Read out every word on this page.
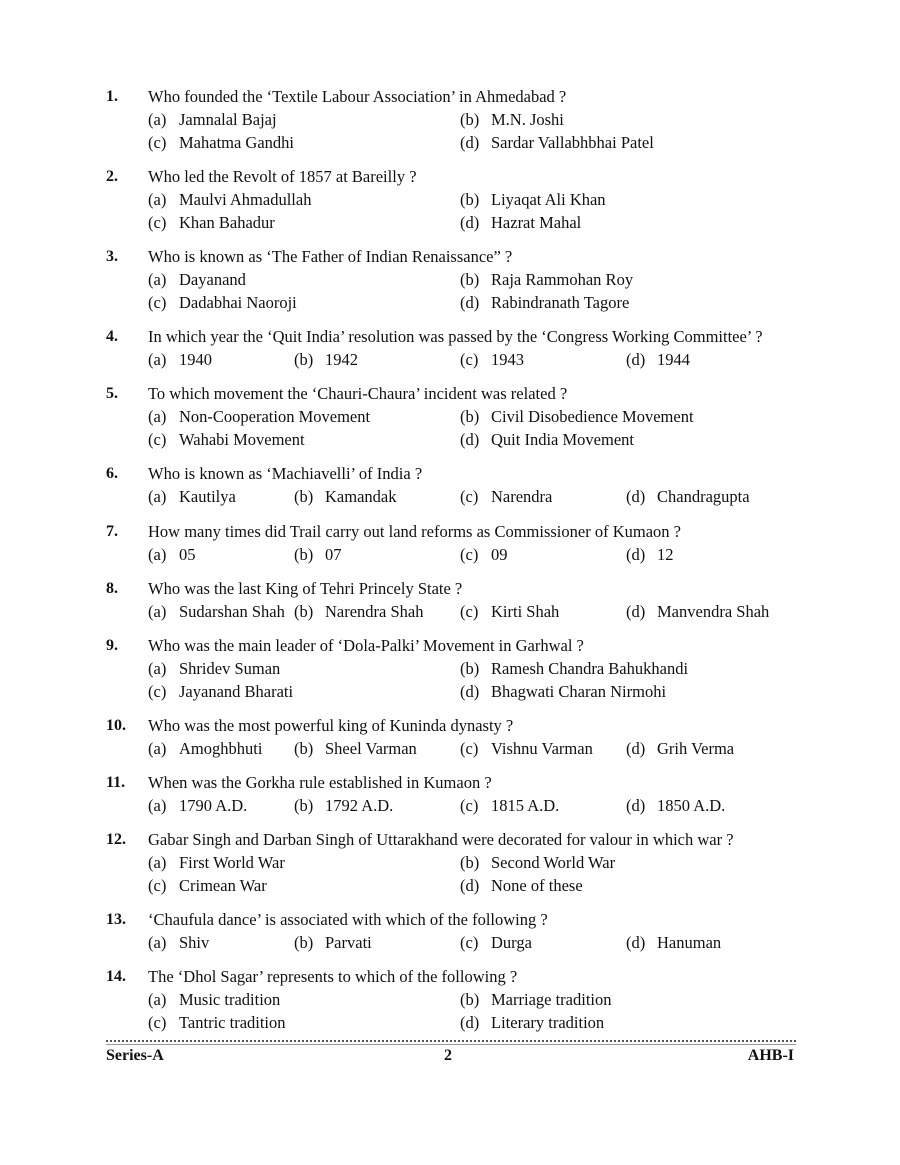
1. Who founded the ‘Textile Labour Association’ in Ahmedabad ?
(a) Jamnalal Bajaj	(b) M.N. Joshi
(c) Mahatma Gandhi	(d) Sardar Vallabhbhai Patel
2. Who led the Revolt of 1857 at Bareilly ?
(a) Maulvi Ahmadullah	(b) Liyaqat Ali Khan
(c) Khan Bahadur	(d) Hazrat Mahal
3. Who is known as ‘The Father of Indian Renaissance” ?
(a) Dayanand	(b) Raja Rammohan Roy
(c) Dadabhai Naoroji	(d) Rabindranath Tagore
4. In which year the ‘Quit India’ resolution was passed by the ‘Congress Working Committee’ ?
(a) 1940	(b) 1942	(c) 1943	(d) 1944
5. To which movement the ‘Chauri-Chaura’ incident was related ?
(a) Non-Cooperation Movement	(b) Civil Disobedience Movement
(c) Wahabi Movement	(d) Quit India Movement
6. Who is known as ‘Machiavelli’ of India ?
(a) Kautilya	(b) Kamandak	(c) Narendra	(d) Chandragupta
7. How many times did Trail carry out land reforms as Commissioner of Kumaon ?
(a) 05	(b) 07	(c) 09	(d) 12
8. Who was the last King of Tehri Princely State ?
(a) Sudarshan Shah (b) Narendra Shah (c) Kirti Shah	(d) Manvendra Shah
9. Who was the main leader of ‘Dola-Palki’ Movement in Garhwal ?
(a) Shridev Suman	(b) Ramesh Chandra Bahukhandi
(c) Jayanand Bharati	(d) Bhagwati Charan Nirmohi
10. Who was the most powerful king of Kuninda dynasty ?
(a) Amoghbhuti (b) Sheel Varman	(c) Vishnu Varman (d) Grih Verma
11. When was the Gorkha rule established in Kumaon ?
(a) 1790 A.D.	(b) 1792 A.D.	(c) 1815 A.D.	(d) 1850 A.D.
12. Gabar Singh and Darban Singh of Uttarakhand were decorated for valour in which war ?
(a) First World War	(b) Second World War
(c) Crimean War	(d) None of these
13. ‘Chaufula dance’ is associated with which of the following ?
(a) Shiv	(b) Parvati	(c) Durga	(d) Hanuman
14. The ‘Dhol Sagar’ represents to which of the following ?
(a) Music tradition	(b) Marriage tradition
(c) Tantric tradition	(d) Literary tradition
Series-A	2	AHB-I
